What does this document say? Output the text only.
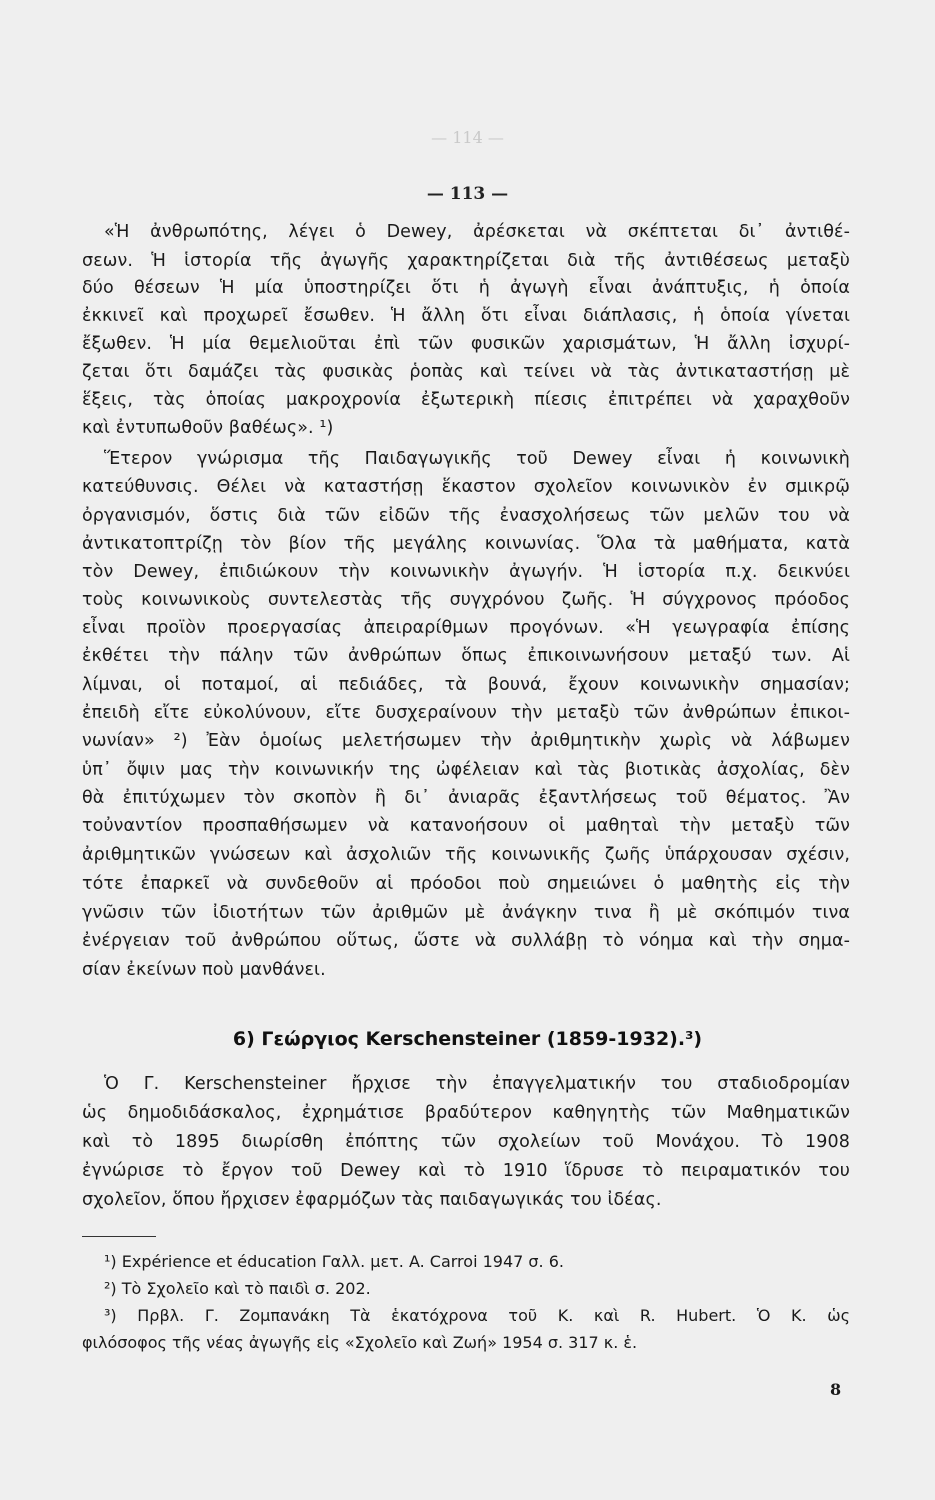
— 114 —
— 113 —
«Ἡ ἀνθρωπότης, λέγει ὁ Dewey, ἀρέσκεται νὰ σκέπτεται δι᾽ ἀντιθέ-
σεων. Ἡ ἱστορία τῆς ἀγωγῆς χαρακτηρίζεται διὰ τῆς ἀντιθέσεως μεταξὺ
δύο θέσεων Ἡ μία ὑποστηρίζει ὅτι ἡ ἀγωγὴ εἶναι ἀνάπτυξις, ἡ ὁποία
ἐκκινεῖ καὶ προχωρεῖ ἔσωθεν. Ἡ ἄλλη ὅτι εἶναι διάπλασις, ἡ ὁποία γίνεται
ἔξωθεν. Ἡ μία θεμελιοῦται ἐπὶ τῶν φυσικῶν χαρισμάτων, Ἡ ἄλλη ἰσχυρί-
ζεται ὅτι δαμάζει τὰς φυσικὰς ῥοπὰς καὶ τείνει νὰ τὰς ἀντικαταστήσῃ μὲ
ἕξεις, τὰς ὁποίας μακροχρονία ἐξωτερικὴ πίεσις ἐπιτρέπει νὰ χαραχθοῦν
καὶ ἐντυπωθοῦν βαθέως». ¹)
Ἕτερον γνώρισμα τῆς Παιδαγωγικῆς τοῦ Dewey εἶναι ἡ κοινωνικὴ
κατεύθυνσις. Θέλει νὰ καταστήσῃ ἕκαστον σχολεῖον κοινωνικὸν ἐν σμικρῷ
ὀργανισμόν, ὅστις διὰ τῶν εἰδῶν τῆς ἐνασχολήσεως τῶν μελῶν του νὰ
ἀντικατοπτρίζῃ τὸν βίον τῆς μεγάλης κοινωνίας. Ὅλα τὰ μαθήματα, κατὰ
τὸν Dewey, ἐπιδιώκουν τὴν κοινωνικὴν ἀγωγήν. Ἡ ἱστορία π.χ. δεικνύει
τοὺς κοινωνικοὺς συντελεστὰς τῆς συγχρόνου ζωῆς. Ἡ σύγχρονος πρόοδος
εἶναι προϊὸν προεργασίας ἀπειραρίθμων προγόνων. «Ἡ γεωγραφία ἐπίσης
ἐκθέτει τὴν πάλην τῶν ἀνθρώπων ὅπως ἐπικοινωνήσουν μεταξύ των. Αἱ
λίμναι, οἱ ποταμοί, αἱ πεδιάδες, τὰ βουνά, ἔχουν κοινωνικὴν σημασίαν;
ἐπειδὴ εἴτε εὐκολύνουν, εἴτε δυσχεραίνουν τὴν μεταξὺ τῶν ἀνθρώπων ἐπικοι-
νωνίαν» ²) Ἐὰν ὁμοίως μελετήσωμεν τὴν ἀριθμητικὴν χωρὶς νὰ λάβωμεν
ὑπ᾽ ὄψιν μας τὴν κοινωνικήν της ὠφέλειαν καὶ τὰς βιοτικὰς ἀσχολίας, δὲν
θὰ ἐπιτύχωμεν τὸν σκοπὸν ἢ δι᾽ ἀνιαρᾶς ἐξαντλήσεως τοῦ θέματος. Ἂν
τοὐναντίον προσπαθήσωμεν νὰ κατανοήσουν οἱ μαθηταὶ τὴν μεταξὺ τῶν
ἀριθμητικῶν γνώσεων καὶ ἀσχολιῶν τῆς κοινωνικῆς ζωῆς ὑπάρχουσαν σχέσιν,
τότε ἐπαρκεῖ νὰ συνδεθοῦν αἱ πρόοδοι ποὺ σημειώνει ὁ μαθητὴς εἰς τὴν
γνῶσιν τῶν ἰδιοτήτων τῶν ἀριθμῶν μὲ ἀνάγκην τινα ἢ μὲ σκόπιμόν τινα
ἐνέργειαν τοῦ ἀνθρώπου οὕτως, ὥστε νὰ συλλάβῃ τὸ νόημα καὶ τὴν σημα-
σίαν ἐκείνων ποὺ μανθάνει.
6) Γεώργιος Kerschensteiner (1859-1932).³)
Ὁ Γ. Kerschensteiner ἤρχισε τὴν ἐπαγγελματικήν του σταδιοδρομίαν
ὡς δημοδιδάσκαλος, ἐχρημάτισε βραδύτερον καθηγητὴς τῶν Μαθηματικῶν
καὶ τὸ 1895 διωρίσθη ἐπόπτης τῶν σχολείων τοῦ Μονάχου. Τὸ 1908
ἐγνώρισε τὸ ἔργον τοῦ Dewey καὶ τὸ 1910 ἵδρυσε τὸ πειραματικόν του
σχολεῖον, ὅπου ἤρχισεν ἐφαρμόζων τὰς παιδαγωγικάς του ἰδέας.
¹) Expérience et éducation Γαλλ. μετ. A. Carroi 1947 σ. 6.
²) Τὸ Σχολεῖο καὶ τὸ παιδὶ σ. 202.
³) Πρβλ. Γ. Ζομπανάκη Τὰ ἑκατόχρονα τοῦ Κ. καὶ R. Hubert. Ὁ Κ. ὡς
φιλόσοφος τῆς νέας ἀγωγῆς εἰς «Σχολεῖο καὶ Ζωή» 1954 σ. 317 κ. ἑ.
8
